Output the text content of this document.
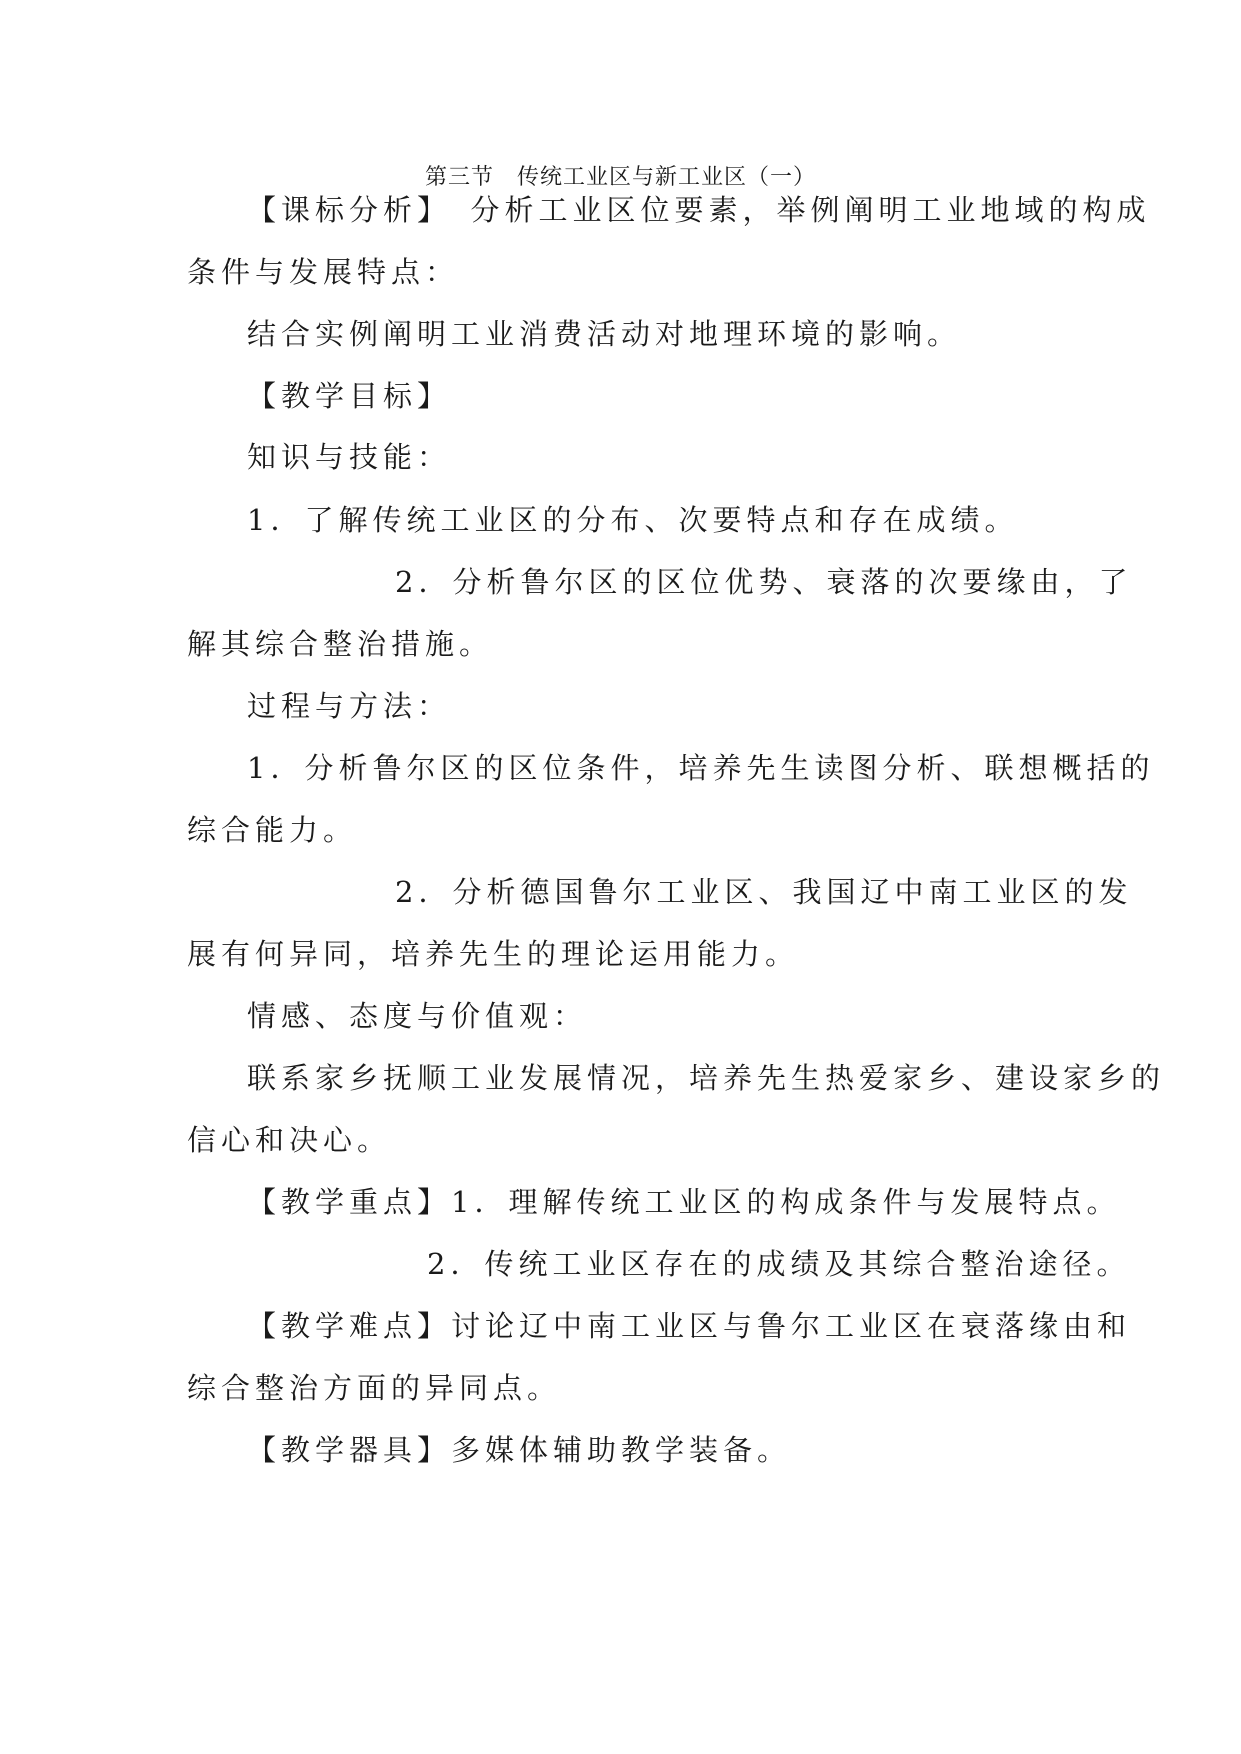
第三节　传统工业区与新工业区（一）
【课标分析】　分析工业区位要素，举例阐明工业地域的构成
条件与发展特点：
结合实例阐明工业消费活动对地理环境的影响。
【教学目标】
知识与技能：
1．了解传统工业区的分布、次要特点和存在成绩。
2．分析鲁尔区的区位优势、衰落的次要缘由，了
解其综合整治措施。
过程与方法：
1．分析鲁尔区的区位条件，培养先生读图分析、联想概括的
综合能力。
2．分析德国鲁尔工业区、我国辽中南工业区的发
展有何异同，培养先生的理论运用能力。
情感、态度与价值观：
联系家乡抚顺工业发展情况，培养先生热爱家乡、建设家乡的
信心和决心。
【教学重点】1．理解传统工业区的构成条件与发展特点。
2．传统工业区存在的成绩及其综合整治途径。
【教学难点】讨论辽中南工业区与鲁尔工业区在衰落缘由和
综合整治方面的异同点。
【教学器具】多媒体辅助教学装备。
